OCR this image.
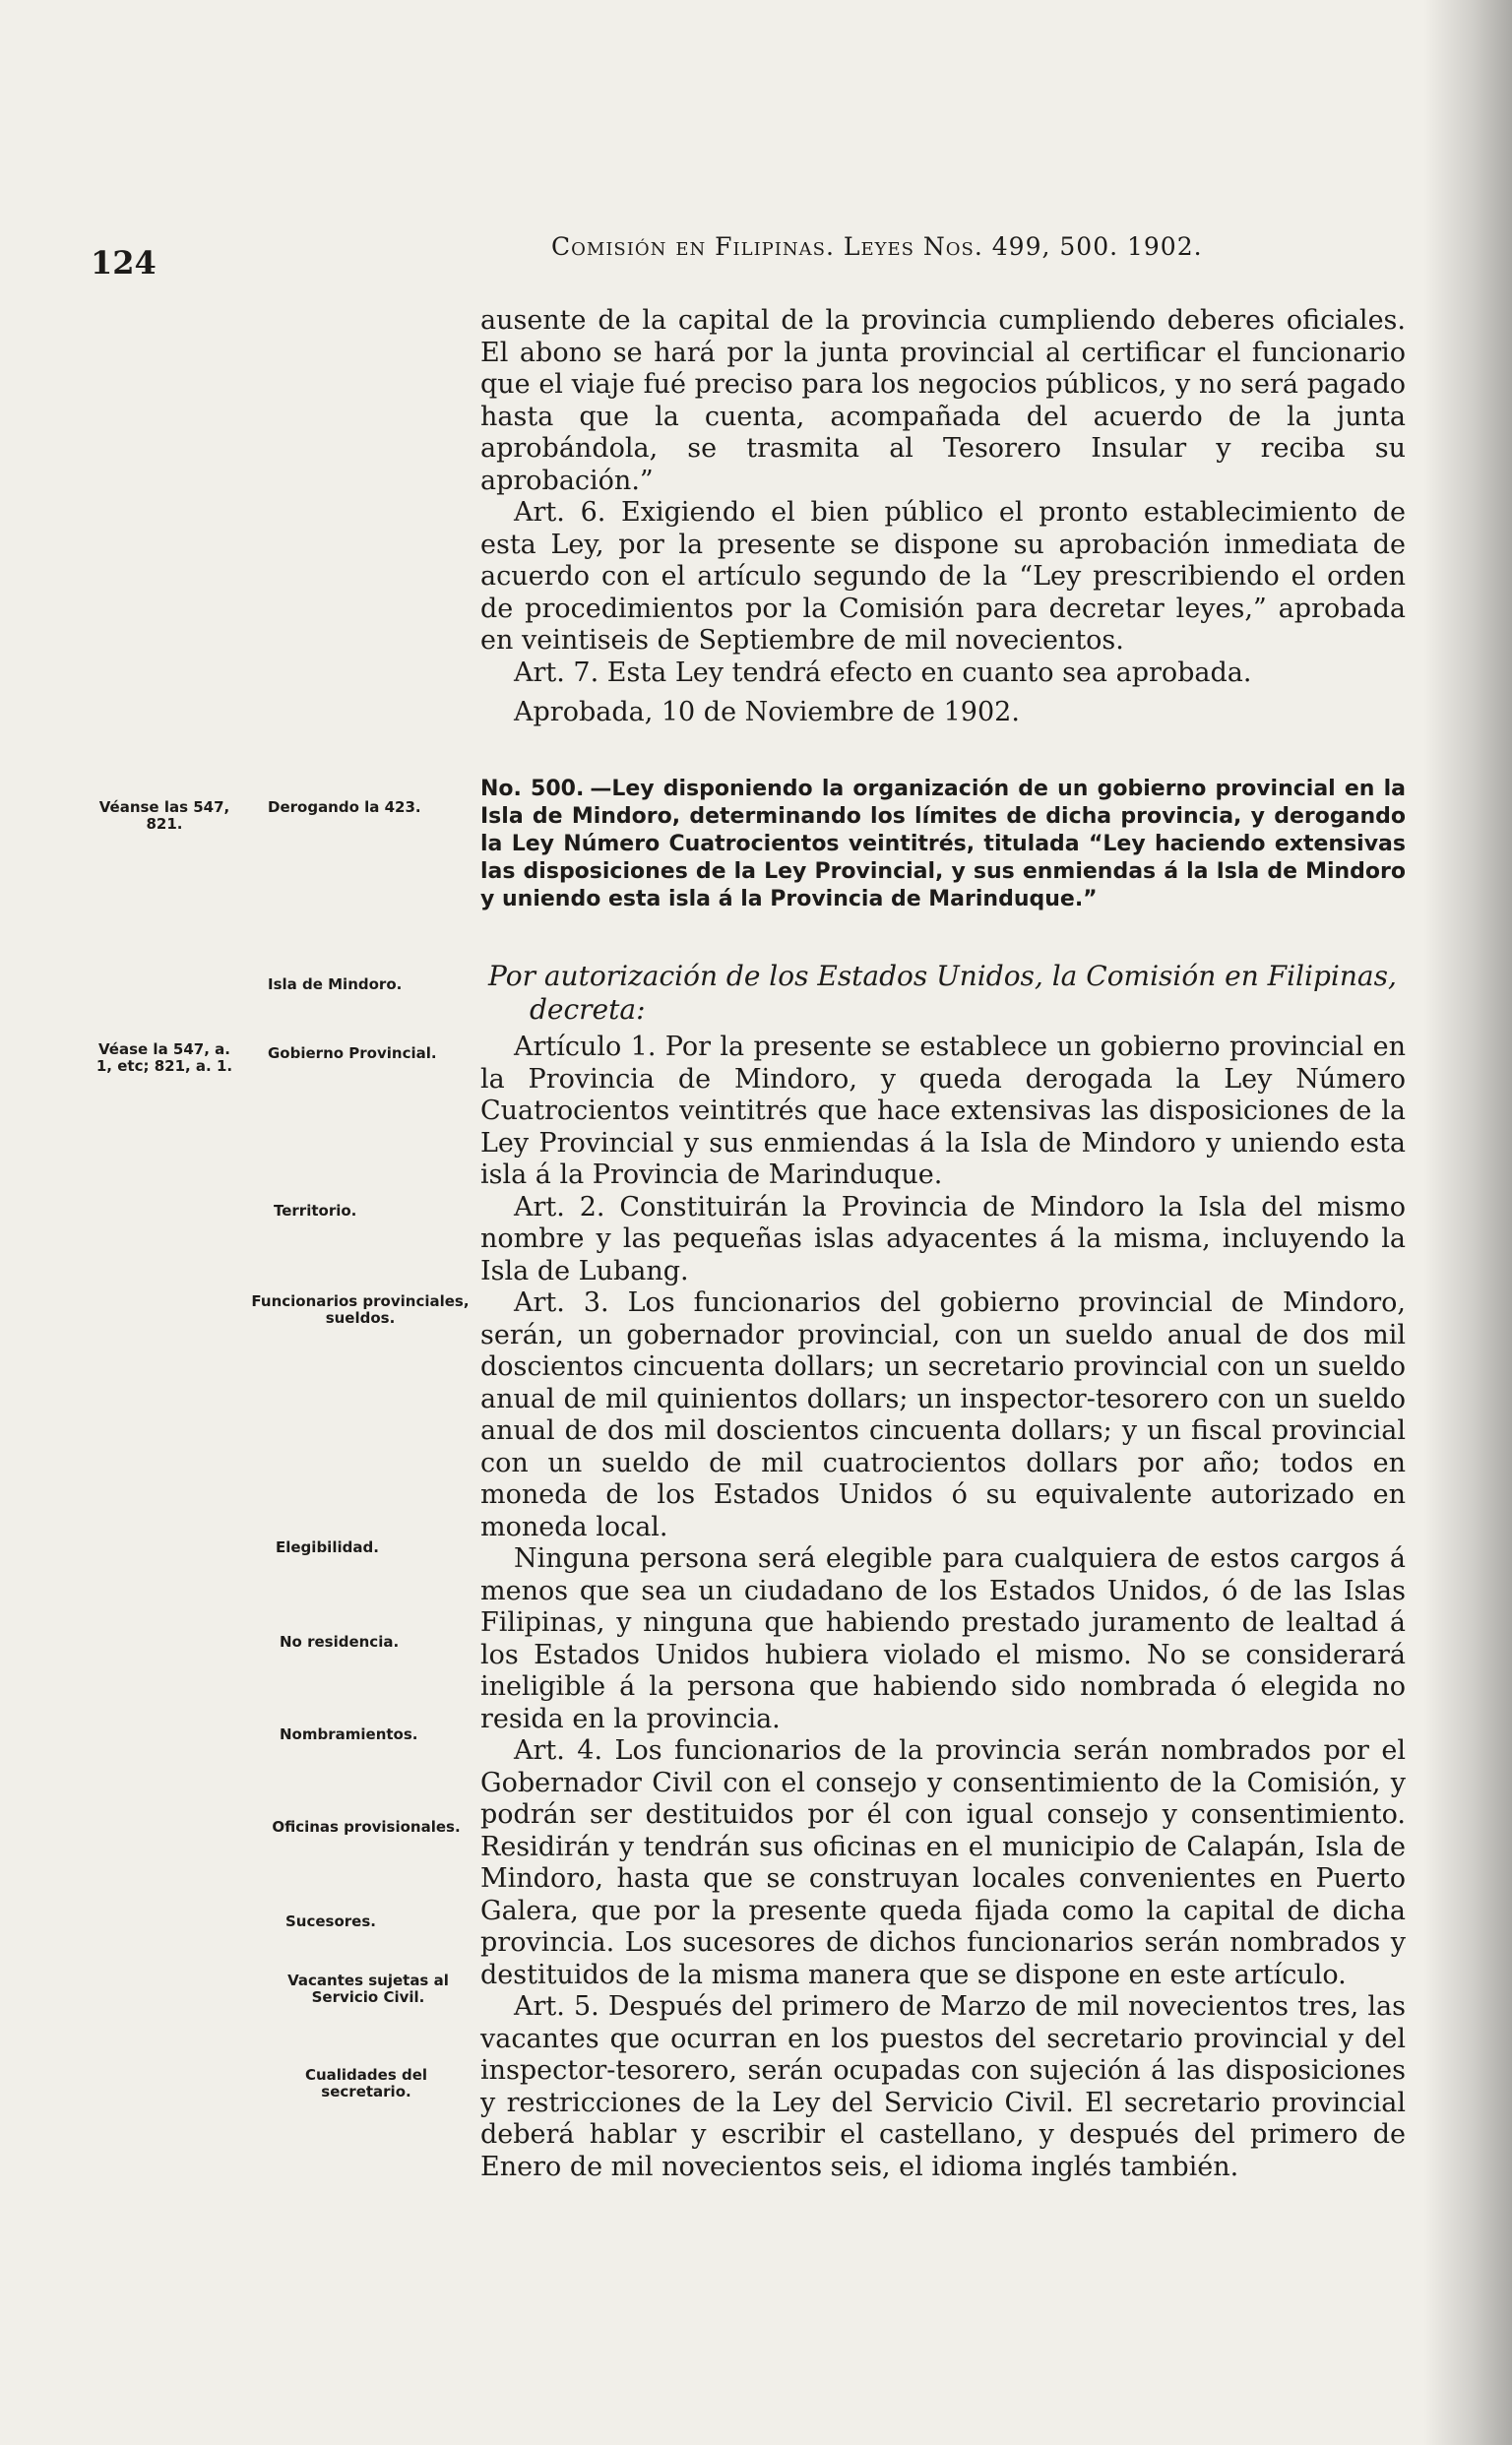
124	Comisión en Filipinas. Leyes Nos. 499, 500. 1902.

ausente de la capital de la provincia cumpliendo deberes oficiales. El abono se hará por la junta provincial al certificar el funcionario que el viaje fué preciso para los negocios públicos, y no será pagado hasta que la cuenta, acompañada del acuerdo de la junta aprobándola, se trasmita al Tesorero Insular y reciba su aprobación.”

Art. 6. Exigiendo el bien público el pronto establecimiento de esta Ley, por la presente se dispone su aprobación inmediata de acuerdo con el artículo segundo de la “Ley prescribiendo el orden de procedimientos por la Comisión para decretar leyes,” aprobada en veintiseis de Septiembre de mil novecientos.

Art. 7. Esta Ley tendrá efecto en cuanto sea aprobada.

Aprobada, 10 de Noviembre de 1902.

No. 500. —Ley disponiendo la organización de un gobierno provincial en la Isla de Mindoro, determinando los límites de dicha provincia, y derogando la Ley Número Cuatrocientos veintitrés, titulada “Ley haciendo extensivas las disposiciones de la Ley Provincial, y sus enmiendas á la Isla de Mindoro y uniendo esta isla á la Provincia de Marinduque.”
Por autorización de los Estados Unidos, la Comisión en Filipinas,
decreta:

Artículo 1. Por la presente se establece un gobierno provincial en la Provincia de Mindoro, y queda derogada la Ley Número Cuatrocientos veintitrés que hace extensivas las disposiciones de la Ley Provincial y sus enmiendas á la Isla de Mindoro y uniendo esta isla á la Provincia de Marinduque.

Art. 2. Constituirán la Provincia de Mindoro la Isla del mismo nombre y las pequeñas islas adyacentes á la misma, incluyendo la Isla de Lubang.

Art. 3. Los funcionarios del gobierno provincial de Mindoro, serán, un gobernador provincial, con un sueldo anual de dos mil doscientos cincuenta dollars; un secretario provincial con un sueldo anual de mil quinientos dollars; un inspector-tesorero con un sueldo anual de dos mil doscientos cincuenta dollars; y un fiscal provincial con un sueldo de mil cuatrocientos dollars por año; todos en moneda de los Estados Unidos ó su equivalente autorizado en moneda local.

Ninguna persona será elegible para cualquiera de estos cargos á menos que sea un ciudadano de los Estados Unidos, ó de las Islas Filipinas, y ninguna que habiendo prestado juramento de lealtad á los Estados Unidos hubiera violado el mismo. No se considerará ineligible á la persona que habiendo sido nombrada ó elegida no resida en la provincia.

Art. 4. Los funcionarios de la provincia serán nombrados por el Gobernador Civil con el consejo y consentimiento de la Comisión, y podrán ser destituidos por él con igual consejo y consentimiento. Residirán y tendrán sus oficinas en el municipio de Calapán, Isla de Mindoro, hasta que se construyan locales convenientes en Puerto Galera, que por la presente queda fijada como la capital de dicha provincia. Los sucesores de dichos funcionarios serán nombrados y destituidos de la misma manera que se dispone en este artículo.

Art. 5. Después del primero de Marzo de mil novecientos tres, las vacantes que ocurran en los puestos del secretario provincial y del inspector-tesorero, serán ocupadas con sujeción á las disposiciones y restricciones de la Ley del Servicio Civil. El secretario provincial deberá hablar y escribir el castellano, y después del primero de Enero de mil novecientos seis, el idioma inglés también.

Véanse las 547, 821.
Derogando la 423.
Isla de Mindoro.
Véase la 547, a. 1, etc; 821, a. 1.
Gobierno Provincial.
Territorio.
Funcionarios provinciales, sueldos.
Elegibilidad.
No residencia.
Nombramientos.
Oficinas provisionales.
Sucesores.
Vacantes sujetas al Servicio Civil.
Cualidades del secretario.
